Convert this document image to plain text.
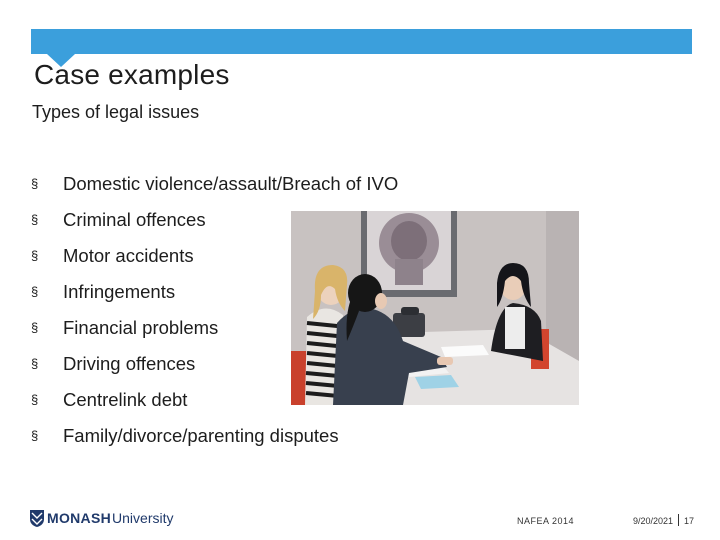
Case examples
Types of legal issues
§	Domestic violence/assault/Breach of IVO
§	Criminal offences
§	Motor accidents
§	Infringements
§	Financial problems
§	Driving offences
§	Centrelink debt
§	Family/divorce/parenting disputes
MONASH University	NAFEA 2014	9/20/2021 17
